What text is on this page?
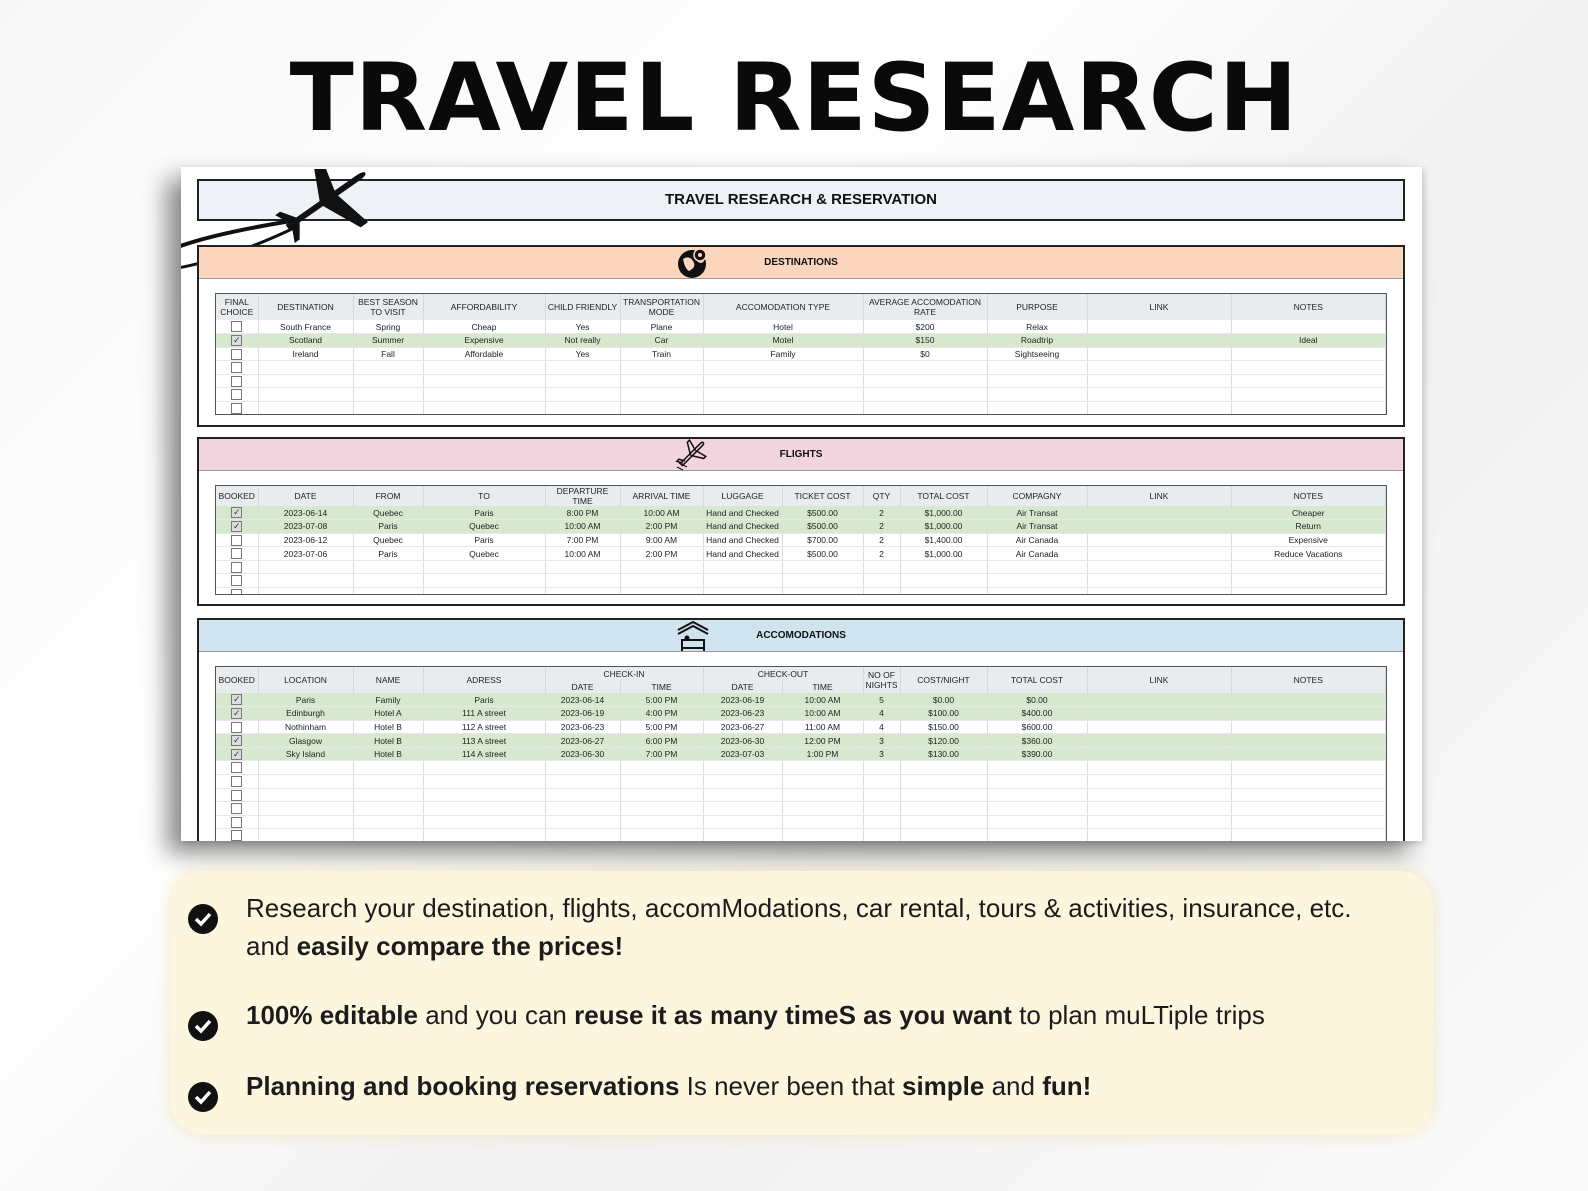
TRAVEL RESEARCH
TRAVEL RESEARCH & RESERVATION
DESTINATIONS
FINAL CHOICE	DESTINATION	BEST SEASON TO VISIT	AFFORDABILITY	CHILD FRIENDLY	TRANSPORTATION MODE	ACCOMODATION TYPE	AVERAGE ACCOMODATION RATE	PURPOSE	LINK	NOTES
	South France	Spring	Cheap	Yes	Plane	Hotel	$200	Relax		
✓	Scotland	Summer	Expensive	Not really	Car	Motel	$150	Roadtrip		Ideal
	Ireland	Fall	Affordable	Yes	Train	Family	$0	Sightseeing		

FLIGHTS
BOOKED	DATE	FROM	TO	DEPARTURE TIME	ARRIVAL TIME	LUGGAGE	TICKET COST	QTY	TOTAL COST	COMPAGNY	LINK	NOTES
✓	2023-06-14	Quebec	Paris	8:00 PM	10:00 AM	Hand and Checked	$500.00	2	$1,000.00	Air Transat		Cheaper
✓	2023-07-08	Paris	Quebec	10:00 AM	2:00 PM	Hand and Checked	$500.00	2	$1,000.00	Air Transat		Return
	2023-06-12	Quebec	Paris	7:00 PM	9:00 AM	Hand and Checked	$700.00	2	$1,400.00	Air Canada		Expensive
	2023-07-06	Paris	Quebec	10:00 AM	2:00 PM	Hand and Checked	$500.00	2	$1,000.00	Air Canada		Reduce Vacations

ACCOMODATIONS
BOOKED	LOCATION	NAME	ADRESS	CHECK-IN		CHECK-OUT		NO OF NIGHTS	COST/NIGHT	TOTAL COST	LINK	NOTES
				DATE	TIME	DATE	TIME					
✓	Paris	Family	Paris	2023-06-14	5:00 PM	2023-06-19	10:00 AM	5	$0.00	$0.00		
✓	Edinburgh	Hotel A	111 A street	2023-06-19	4:00 PM	2023-06-23	10:00 AM	4	$100.00	$400.00		
	Nothinham	Hotel B	112 A street	2023-06-23	5:00 PM	2023-06-27	11:00 AM	4	$150.00	$600.00		
✓	Glasgow	Hotel B	113 A street	2023-06-27	6:00 PM	2023-06-30	12:00 PM	3	$120.00	$360.00		
✓	Sky Island	Hotel B	114 A street	2023-06-30	7:00 PM	2023-07-03	1:00 PM	3	$130.00	$390.00		

Research your destination, flights, accomModations, car rental, tours & activities, insurance, etc.
and easily compare the prices!
100% editable and you can reuse it as many timeS as you want to plan muLTiple trips
Planning and booking reservations Is never been that simple and fun!
